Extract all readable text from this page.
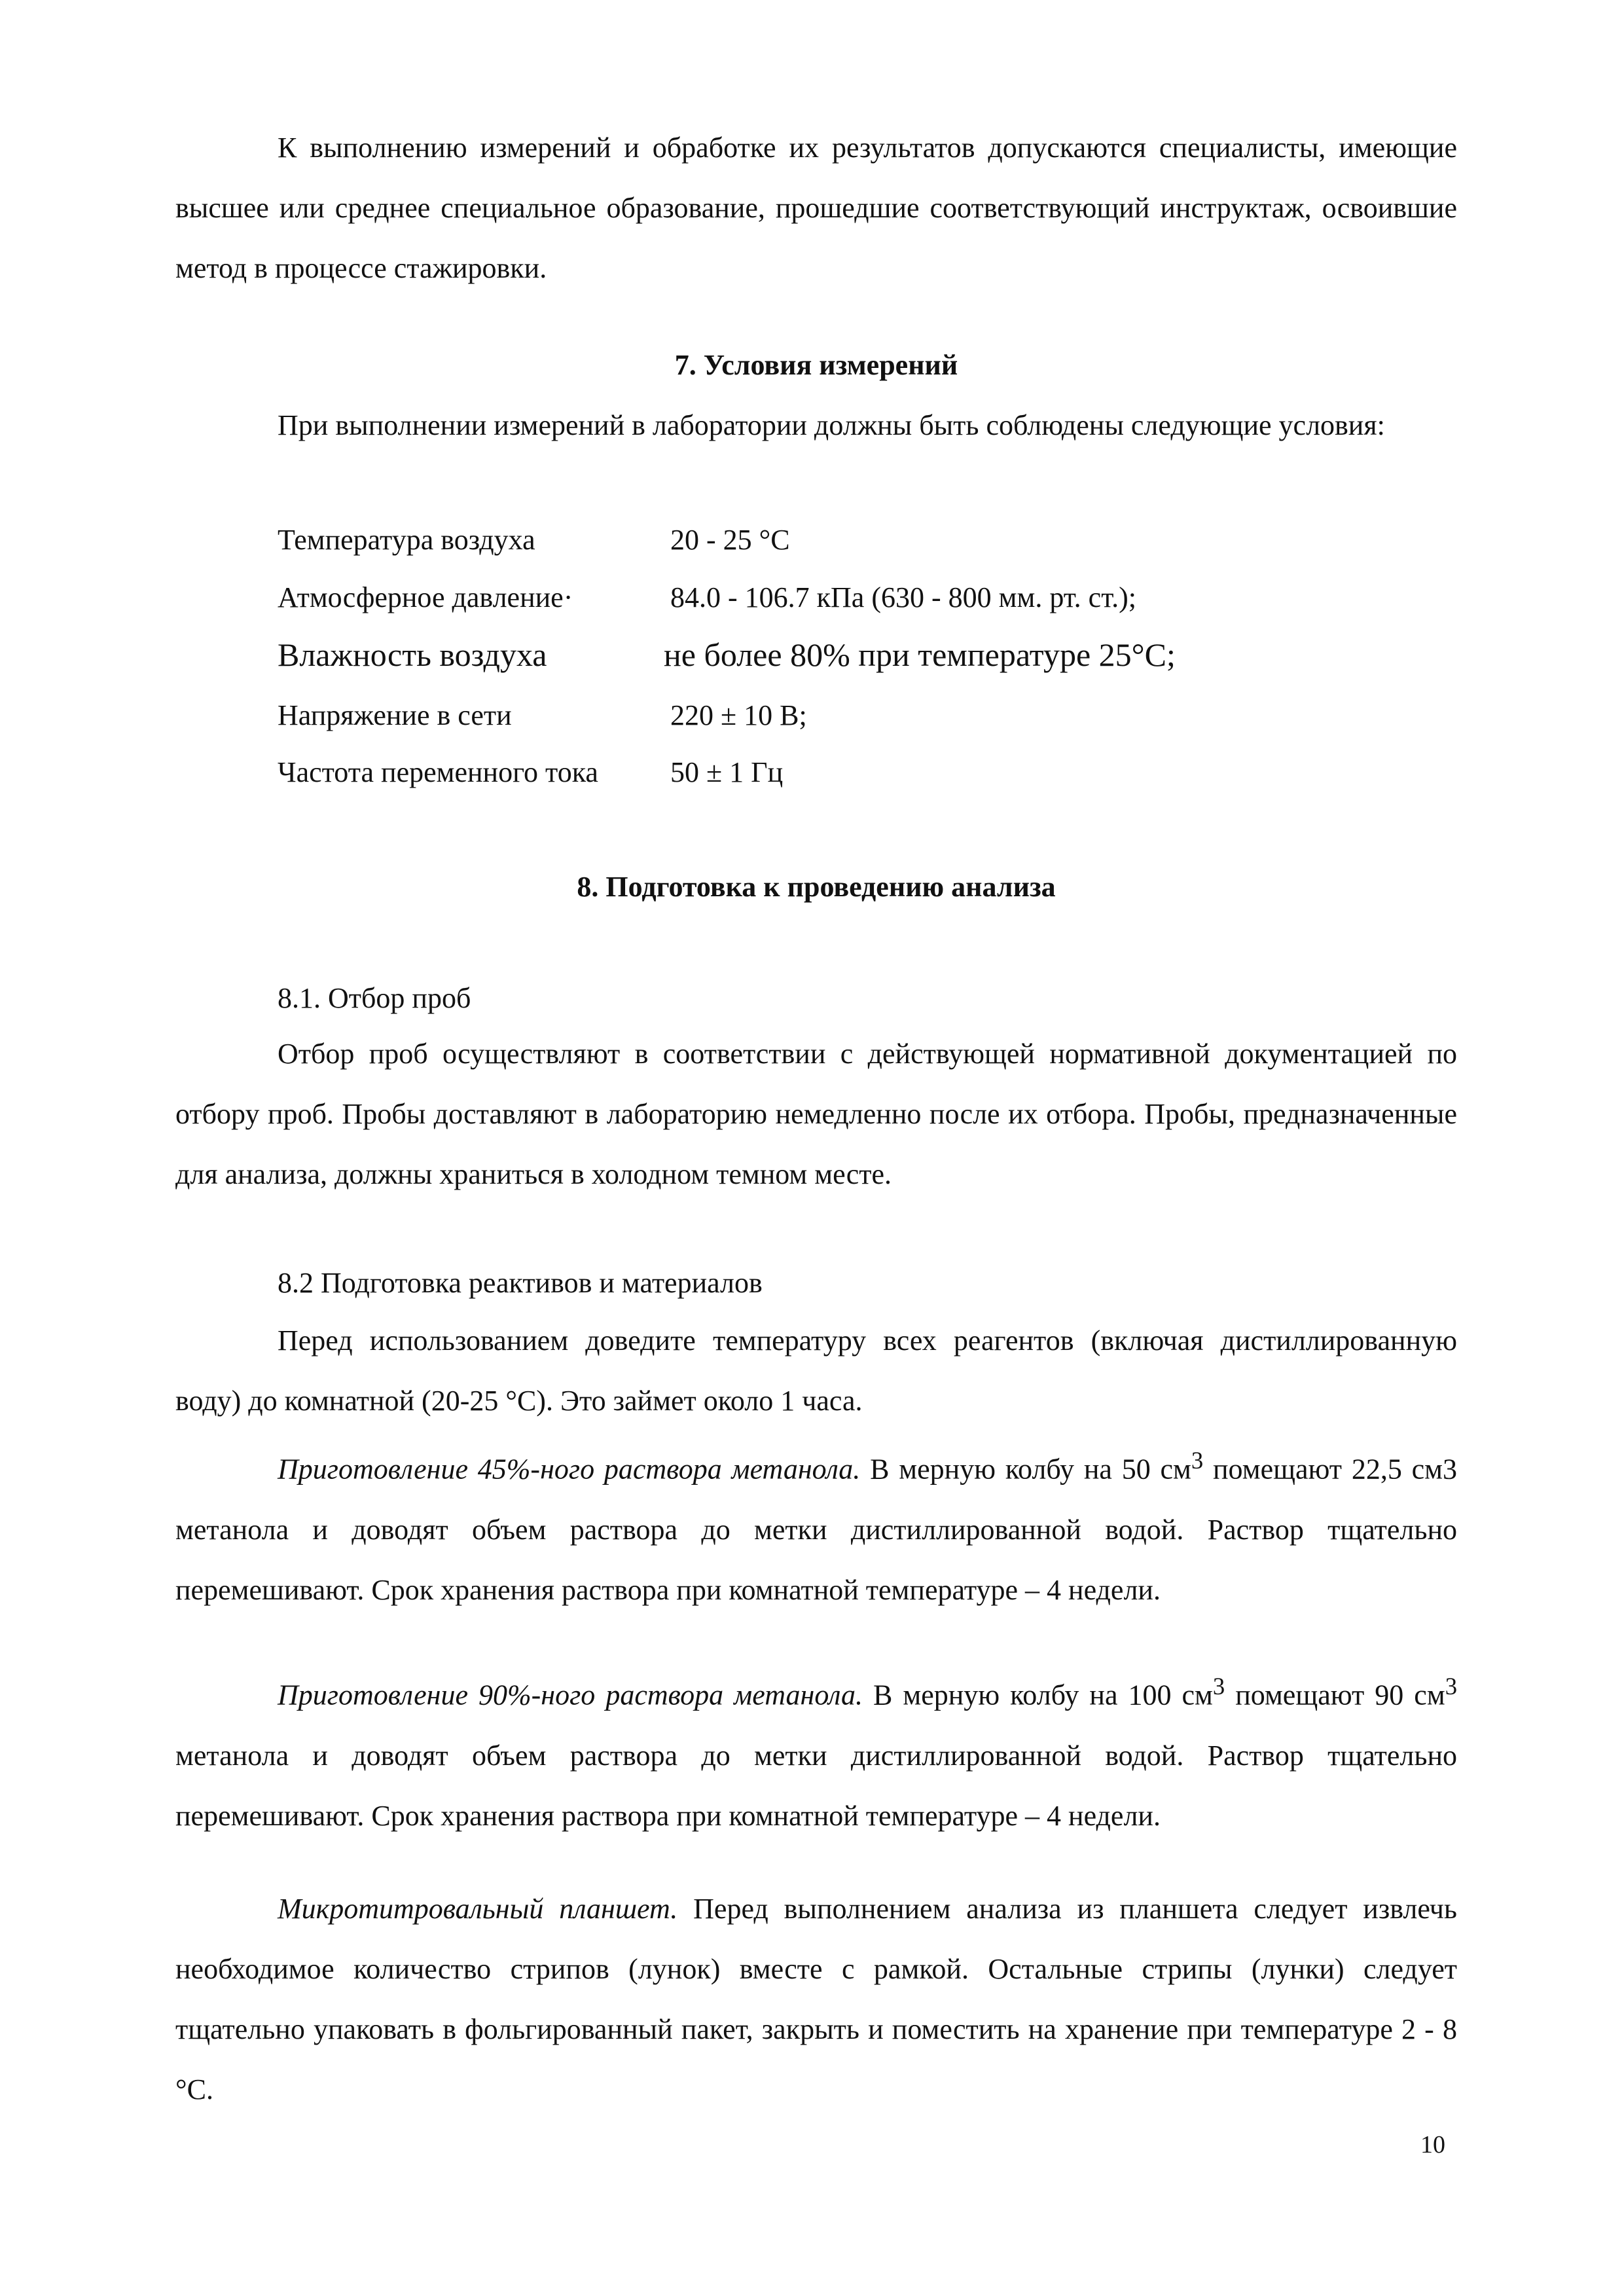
К выполнению измерений и обработке их результатов допускаются специалисты, имеющие высшее или среднее специальное образование, прошедшие соответствующий инструктаж, освоившие метод в процессе стажировки.

7. Условия измерений

При выполнении измерений в лаборатории должны быть соблюдены следующие условия:

Температура воздуха	20 - 25 °С
Атмосферное давление·	84.0 - 106.7 кПа (630 - 800 мм. рт. ст.);
Влажность воздуха	не более 80% при температуре 25°С;
Напряжение в сети	220 ± 10 В;
Частота переменного тока	50 ± 1 Гц
8. Подготовка к проведению анализа

8.1. Отбор проб

Отбор проб осуществляют в соответствии с действующей нормативной документацией по отбору проб. Пробы доставляют в лабораторию немедленно после их отбора. Пробы, предназначенные для анализа, должны храниться в холодном темном месте.

8.2 Подготовка реактивов и материалов

Перед использованием доведите температуру всех реагентов (включая дистиллированную воду) до комнатной (20-25 °С). Это займет около 1 часа.

Приготовление 45%-ного раствора метанола. В мерную колбу на 50 $см^3$ помещают 22,5 см3 метанола и доводят объем раствора до метки дистиллированной водой. Раствор тщательно перемешивают. Срок хранения раствора при комнатной температуре – 4 недели.

Приготовление 90%-ного раствора метанола. В мерную колбу на 100 $см^3$ помещают 90 $см^3$ метанола и доводят объем раствора до метки дистиллированной водой. Раствор тщательно перемешивают. Срок хранения раствора при комнатной температуре – 4 недели.

Микротитровальный планшет. Перед выполнением анализа из планшета следует извлечь необходимое количество стрипов (лунок) вместе с рамкой. Остальные стрипы (лунки) следует тщательно упаковать в фольгированный пакет, закрыть и поместить на хранение при температуре 2 - 8 °С.

10
